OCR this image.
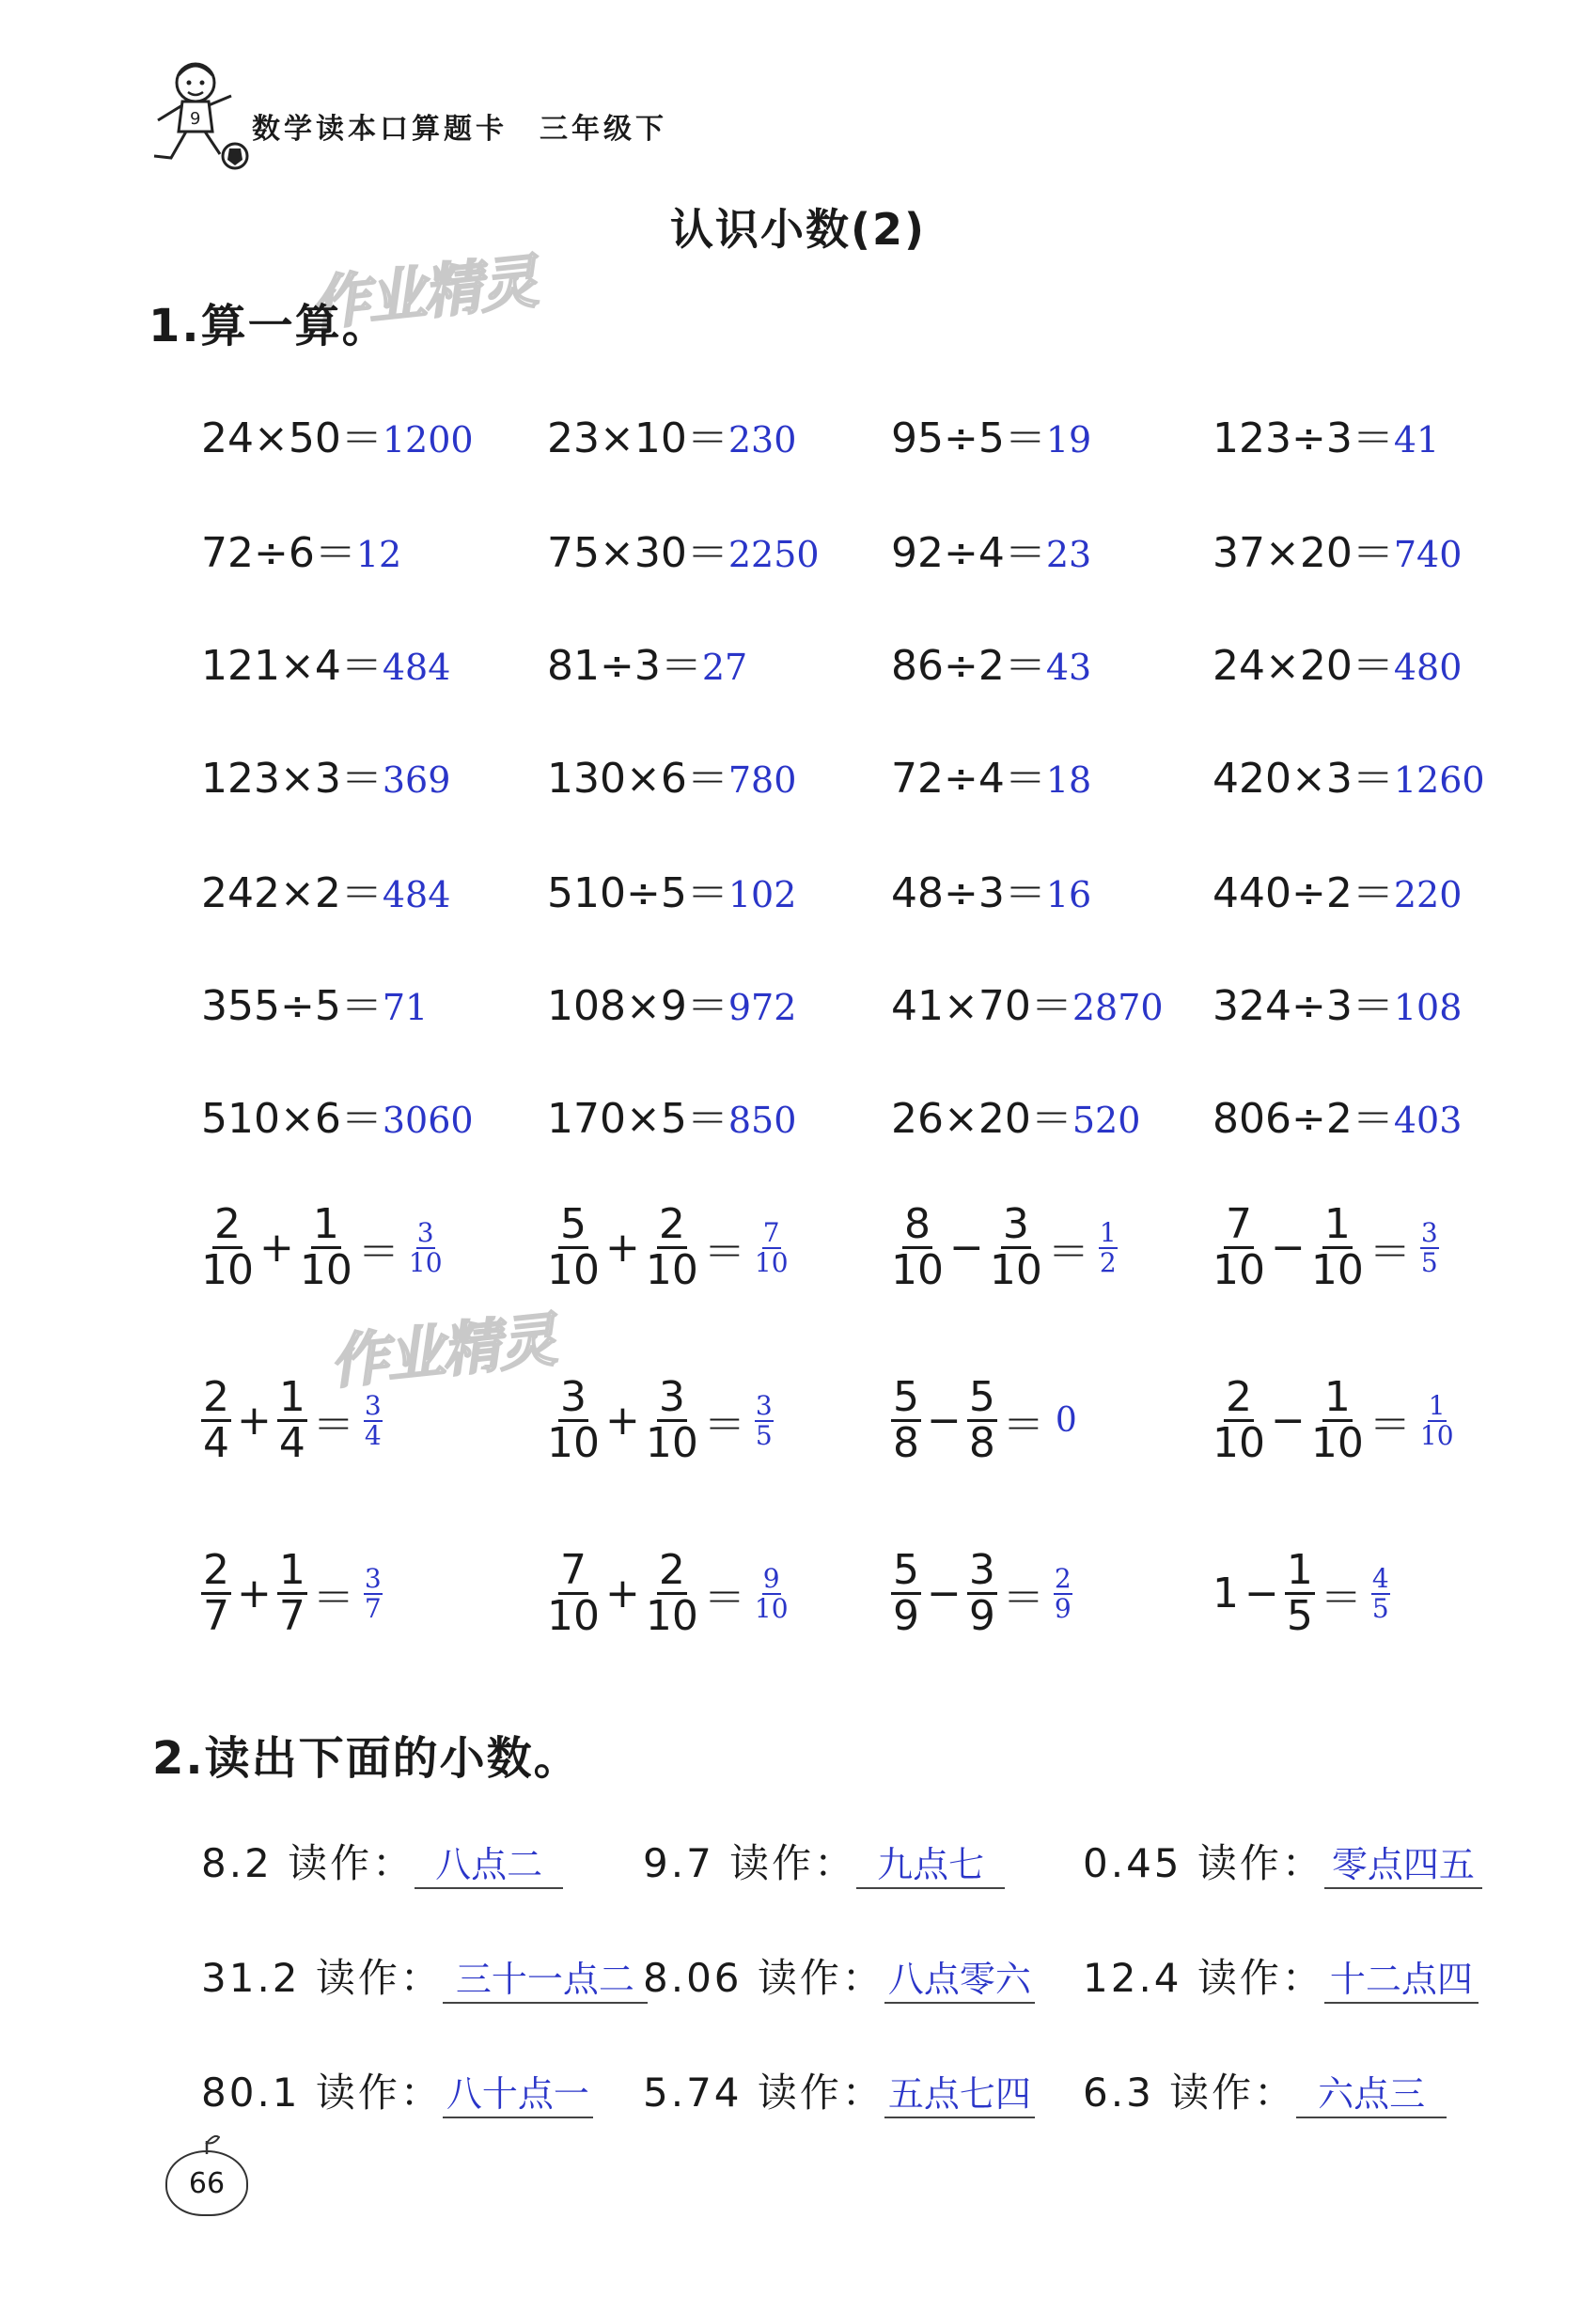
9 数学读本口算题卡　三年级下
认识小数(2)
作业精灵
作业精灵
1.算一算。
24×50＝1200 23×10＝230 95÷5＝19	123÷3＝41
72÷6＝12	75×30＝2250 92÷4＝23	37×20＝740
121×4＝484 81÷3＝27	86÷2＝43	24×20＝480
123×3＝369 130×6＝780 72÷4＝18	420×3＝1260
242×2＝484 510÷5＝102 48÷3＝16	440÷2＝220
355÷5＝71	108×9＝972 41×70＝2870 324÷3＝108
510×6＝3060 170×5＝850 26×20＝520 806÷2＝403
$\frac{2}{10} + \frac{1}{10} = \frac{3}{10}$	$\frac{5}{10} + \frac{2}{10} = \frac{7}{10} \frac{8}{10} - \frac{3}{10} = \frac{1}{2} \frac{7}{10} - \frac{1}{10} = \frac{3}{5}$
$\frac{2}{4} + \frac{1}{4} = \frac{3}{4}$	$\frac{3}{10} + \frac{3}{10} = \frac{3}{5}$	$\frac{5}{8} - \frac{5}{8} = 0$	$\frac{2}{10} - \frac{1}{10} = \frac{1}{10}$
$\frac{2}{7} + \frac{1}{7} = \frac{3}{7}$	$\frac{7}{10} + \frac{2}{10} = \frac{9}{10} \frac{5}{9} - \frac{3}{9} = \frac{2}{9}$	$1 - \frac{1}{5} = \frac{4}{5}$
2.读出下面的小数。
8.2 读作： 八点二	9.7 读作： 九点七	0.45 读作： 零点四五
31.2 读作： 三十一点二 8.06 读作： 八点零六 12.4 读作： 十二点四
80.1 读作： 八十点一 5.74 读作： 五点七四 6.3 读作： 六点三
66
